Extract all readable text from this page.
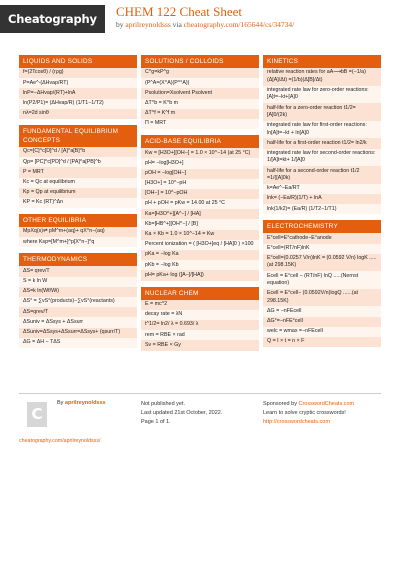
Cheatography	CHEM 122 Cheat Sheet
by aprilreynoldsss via cheatography.com/165644/cs/34734/
LIQUIDS AND SOLIDS
f=(2Tcosθ) / (rρg)
P=Ae^-(ΔHvap/RT)
lnP=−ΔHvap/(RT)+lnA
ln(P2/P1)= (ΔHvap/R) (1/T1−1/T2)
nλ=2d sinθ
FUNDAMENTAL EQUILIBRIUM CONCEPTS
Qc=[C]^c[D]^d / [A]^a[B]^b
Qp= [PC]^c[PD]^d / [PA]^a[PB]^b
P = MRT
Kc = Qc at equilibrium
Kp = Qp at equilibrium
KP = Kc (RT)^Δn
OTHER EQUILIBRIA
MpXq(s)⇌ pM^m+(aq)+ qX^n−(aq)
where Ksp=[M^m+]^p[X^n−]^q
THERMODYNAMICS
ΔS= qrev/T
S = k ln W
ΔS=k ln(Wf/Wi)
ΔS° = ∑vS°(products)−∑vS°(reactants)
ΔS=qrev/T
ΔSuniv = ΔSsys + ΔSsurr
ΔSuniv=ΔSsys+ΔSsurr=ΔSsys+ (qsurr/T)
ΔG = ΔH − TΔS
SOLUTIONS / COLLOIDS
C^g=kP^g
(P^A=(X^A)(P^°A))
Psolution=Xsolvent Psolvent
ΔT^b = K^b m
ΔT^f = K^f m
Π = MRT
ACID-BASE EQUILIBRIA
Kw = [H3O+][OH−] = 1.0 × 10^−14 (at 25 °C)
pH= −log[H3O+]
pOH = −log[OH−]
[H3O+] = 10^−pH
[OH−] = 10^−pOH
pH + pOH = pKw = 14.00 at 25 °C
Ka=[H3O^+][A^−] / [HA]
Kb=[HB^+][OH^−] / [B]
Ka × Kb = 1.0 × 10^−14 = Kw
Percent ionization = ( [H3O+]eq / [HA]0 ) ×100
pKa = −log Ka
pKb = −log Kb
pH= pKa+ log ([A−]/[HA])
NUCLEAR CHEM
E = mc^2
decay rate = λN
t^1/2= ln2/ λ = 0.693/ λ
rem = RBE × rad
Sv = RBE × Gy
KINETICS
relative reaction rates for aA⟶bB =(−1/a) (Δ[A]/Δt) =(1/b)(Δ[B]/Δt)
integrated rate law for zero-order reactions: [A]t=−kt+[A]0
half-life for a zero-order reaction t1/2= [A]0/(2k)
integrated rate law for first-order reactions: ln[A]t=−kt + ln[A]0
half-life for a first-order reaction t1/2= ln2/k
integrated rate law for second-order reactions: 1/[A]t=kt+ 1/[A]0
half-life for a second-order reaction t1/2 =1/([A]0k)
k=Ae^−Ea/RT
lnk= (−Ea/R)(1/T) + lnA
lnk(1/k2)= (Ea/R) (1/T2−1/T1)
ELECTROCHEMISTRY
E°cell=E°cathode−E°anode
E°cell=(RT/nF)lnK
E°cell=(0.0257 V/n)lnK = (0.0592 V/n) logK ..... (at 298.15K)
Ecell = E°cell − (RT/nF) lnQ .....(Nernst equation)
Ecell = E°cell− (0.0592V/n)logQ ......(at 298.15K)
ΔG = −nFEcell
ΔG°=−nFE°cell
welc = wmax =−nFEcell
Q = I × t = n × F
C
By aprilreynoldsss	Not published yet.
Last updated 21st October, 2022.
Page 1 of 1.
Sponsored by CrosswordCheats.com
Learn to solve cryptic crosswords!
http://crosswordcheats.com
cheatography.com/aprilreynoldsss/
